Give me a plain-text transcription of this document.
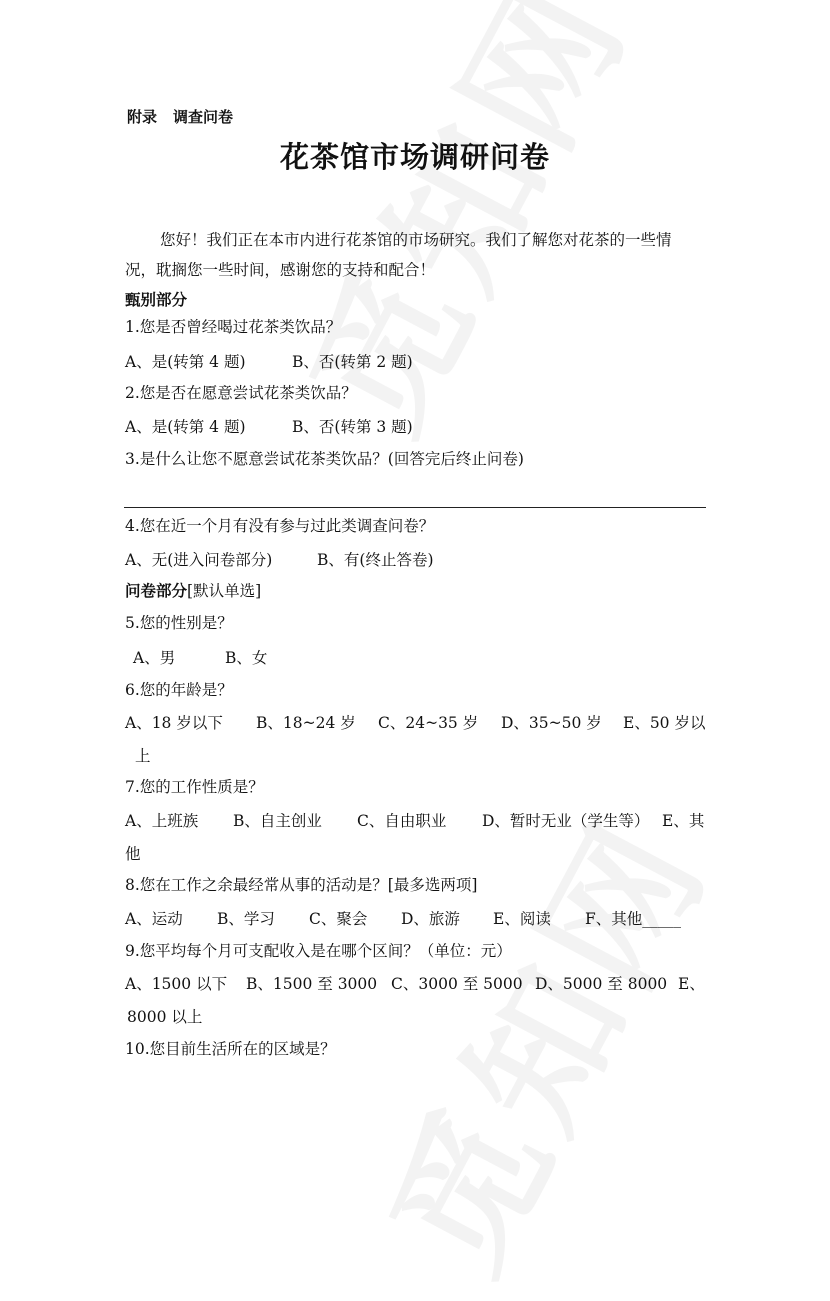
附录 调查问卷
花茶馆市场调研问卷
您好！我们正在本市内进行花茶馆的市场研究。我们了解您对花茶的一些情
况，耽搁您一些时间，感谢您的支持和配合！
甄别部分
1.您是否曾经喝过花茶类饮品？
A、是(转第 4 题)	B、否(转第 2 题)
2.您是否在愿意尝试花茶类饮品？
A、是(转第 4 题)	B、否(转第 3 题)
3.是什么让您不愿意尝试花茶类饮品？(回答完后终止问卷)
4.您在近一个月有没有参与过此类调查问卷？
A、无(进入问卷部分)	B、有(终止答卷)
问卷部分[默认单选]
5.您的性别是？
A、男	B、女
6.您的年龄是？
A、18 岁以下 B、18~24 岁 C、24~35 岁 D、35~50 岁 E、50 岁以
上
7.您的工作性质是？
A、上班族 B、自主创业 C、自由职业 D、暂时无业（学生等） E、其
他
8.您在工作之余最经常从事的活动是？[最多选两项]
A、运动 B、学习 C、聚会 D、旅游 E、阅读 F、其他_____
9.您平均每个月可支配收入是在哪个区间？（单位：元）
A、1500 以下 B、1500 至 3000 C、3000 至 5000 D、5000 至 8000 E、
8000 以上
10.您目前生活所在的区域是？
